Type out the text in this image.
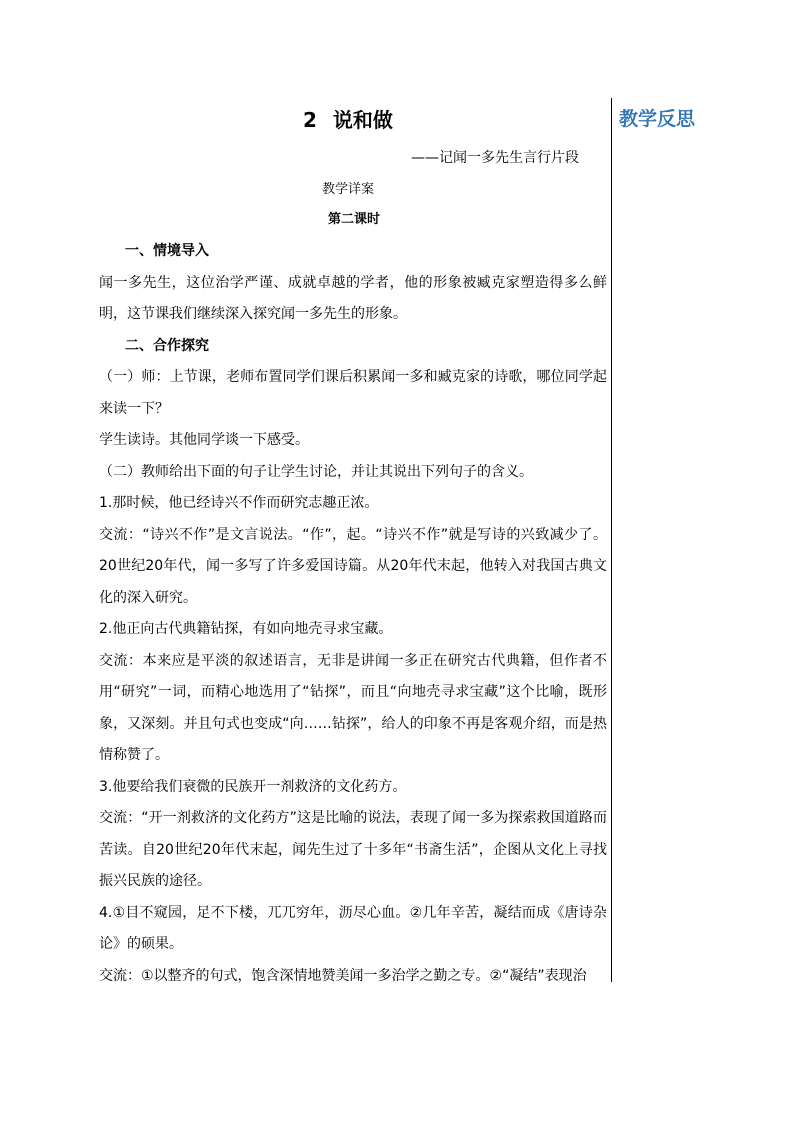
教学反思
2 说和做
——记闻一多先生言行片段
教学详案
第二课时

一、情境导入

闻一多先生，这位治学严谨、成就卓越的学者，他的形象被臧克家塑造得多么鲜明，这节课我们继续深入探究闻一多先生的形象。

二、合作探究

（一）师：上节课，老师布置同学们课后积累闻一多和臧克家的诗歌，哪位同学起来读一下？

学生读诗。其他同学谈一下感受。

（二）教师给出下面的句子让学生讨论，并让其说出下列句子的含义。

1.那时候，他已经诗兴不作而研究志趣正浓。

交流：“诗兴不作”是文言说法。“作”，起。“诗兴不作”就是写诗的兴致减少了。20世纪20年代，闻一多写了许多爱国诗篇。从20年代末起，他转入对我国古典文化的深入研究。

2.他正向古代典籍钻探，有如向地壳寻求宝藏。

交流：本来应是平淡的叙述语言，无非是讲闻一多正在研究古代典籍，但作者不用“研究”一词，而精心地选用了“钻探”，而且“向地壳寻求宝藏”这个比喻，既形象，又深刻。并且句式也变成“向……钻探”，给人的印象不再是客观介绍，而是热情称赞了。

3.他要给我们衰微的民族开一剂救济的文化药方。

交流：“开一剂救济的文化药方”这是比喻的说法，表现了闻一多为探索救国道路而苦读。自20世纪20年代末起，闻先生过了十多年“书斋生活”，企图从文化上寻找振兴民族的途径。

4.①目不窥园，足不下楼，兀兀穷年，沥尽心血。②几年辛苦，凝结而成《唐诗杂论》的硕果。

交流：①以整齐的句式，饱含深情地赞美闻一多治学之勤之专。②“凝结”表现治
